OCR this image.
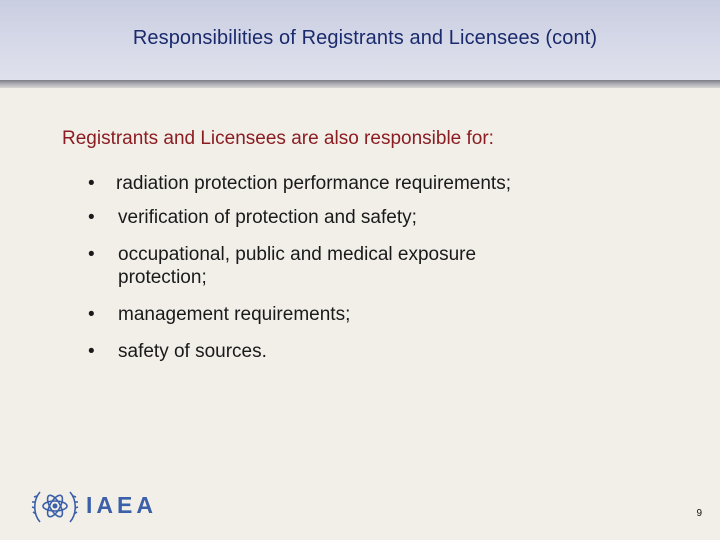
Responsibilities of Registrants and Licensees (cont)
Registrants and Licensees are also responsible for:
• radiation protection performance requirements;
• verification of protection and safety;
• occupational, public and medical exposure protection;
• management requirements;
• safety of sources.
IAEA	9
